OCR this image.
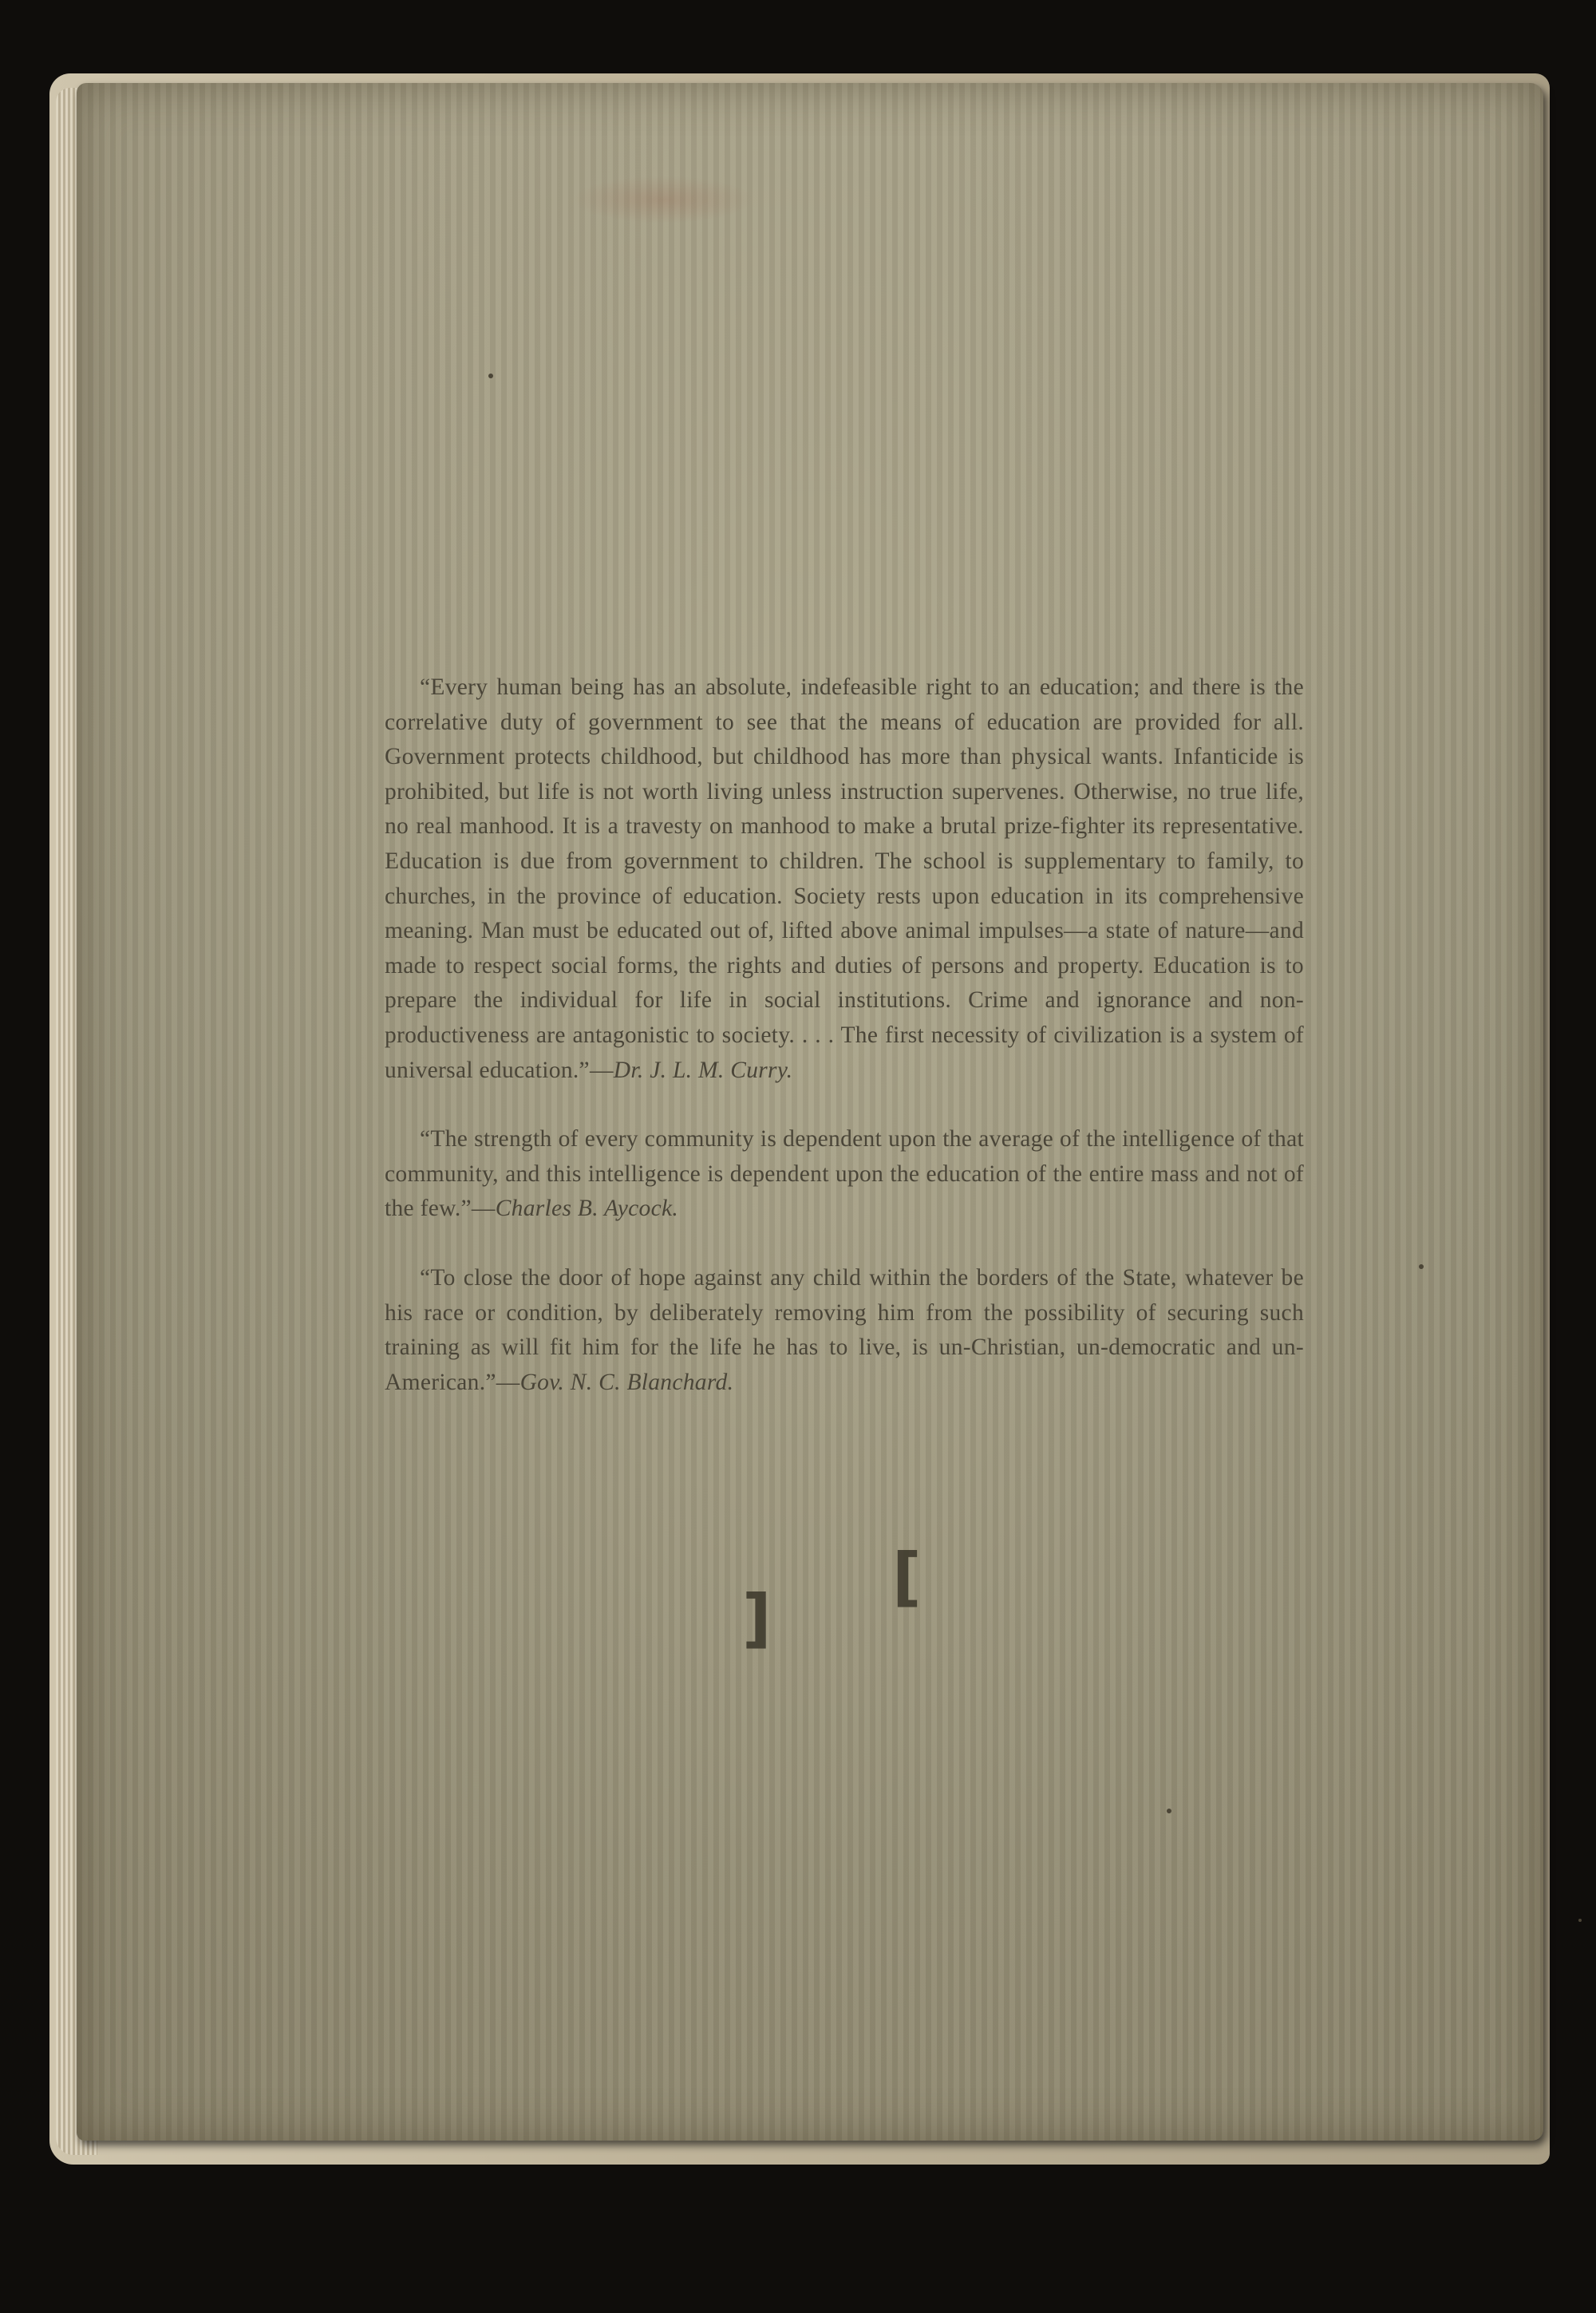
“Every human being has an absolute, indefeasible right to an education; and there is the correlative duty of government to see that the means of education are provided for all. Government protects childhood, but childhood has more than physical wants. Infanticide is prohibited, but life is not worth living unless instruction supervenes. Otherwise, no true life, no real manhood. It is a travesty on manhood to make a brutal prize-fighter its representative. Education is due from government to children. The school is supplementary to family, to churches, in the province of education. Society rests upon education in its comprehensive meaning. Man must be educated out of, lifted above animal impulses—a state of nature—and made to respect social forms, the rights and duties of persons and property. Education is to prepare the individual for life in social institutions. Crime and ignorance and non-productiveness are antagonistic to society. . . . The first necessity of civilization is a system of universal education.”—Dr. J. L. M. Curry.

“The strength of every community is dependent upon the average of the intelligence of that community, and this intelligence is dependent upon the education of the entire mass and not of the few.”—Charles B. Aycock.

“To close the door of hope against any child within the borders of the State, whatever be his race or condition, by deliberately removing him from the possibility of securing such training as will fit him for the life he has to live, is un-Christian, un-democratic and un-American.”—Gov. N. C. Blanchard.

]
[
